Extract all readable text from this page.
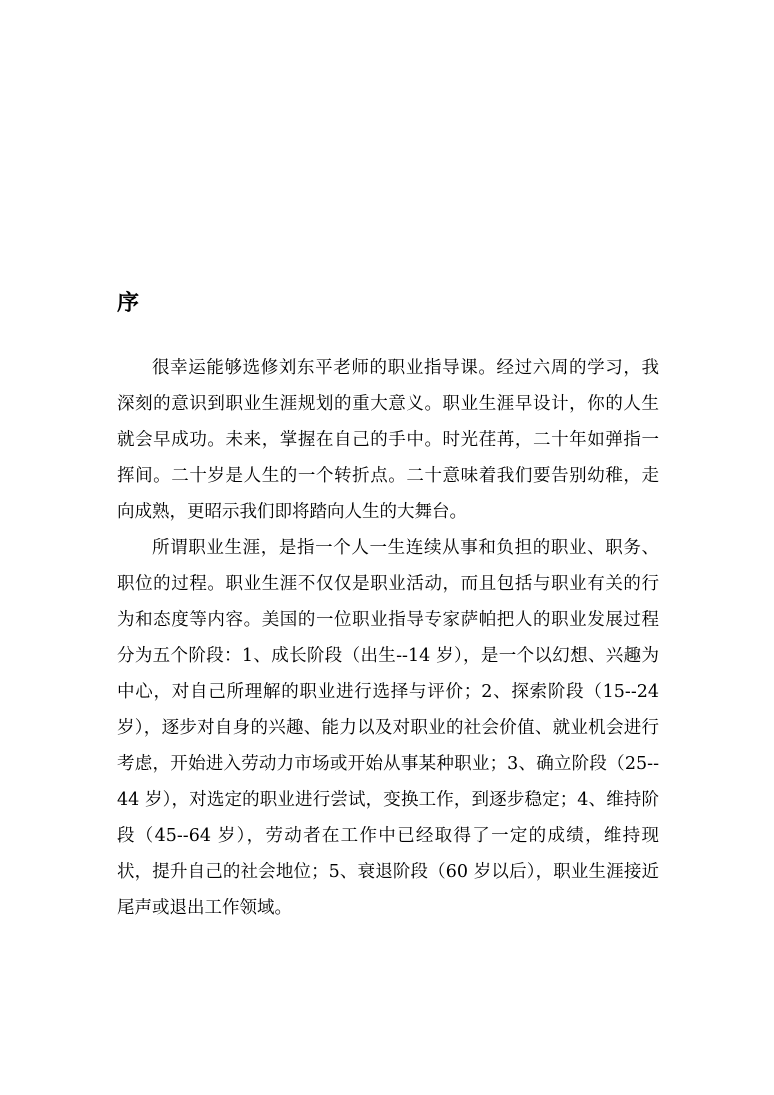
序

很幸运能够选修刘东平老师的职业指导课。经过六周的学习，我深刻的意识到职业生涯规划的重大意义。职业生涯早设计，你的人生就会早成功。未来，掌握在自己的手中。时光荏苒，二十年如弹指一挥间。二十岁是人生的一个转折点。二十意味着我们要告别幼稚，走向成熟，更昭示我们即将踏向人生的大舞台。

所谓职业生涯，是指一个人一生连续从事和负担的职业、职务、职位的过程。职业生涯不仅仅是职业活动，而且包括与职业有关的行为和态度等内容。美国的一位职业指导专家萨帕把人的职业发展过程分为五个阶段：1、成长阶段（出生--14 岁），是一个以幻想、兴趣为中心，对自己所理解的职业进行选择与评价；2、探索阶段（15--24 岁），逐步对自身的兴趣、能力以及对职业的社会价值、就业机会进行考虑，开始进入劳动力市场或开始从事某种职业；3、确立阶段（25--44 岁），对选定的职业进行尝试，变换工作，到逐步稳定；4、维持阶段（45--64 岁），劳动者在工作中已经取得了一定的成绩，维持现状，提升自己的社会地位；5、衰退阶段（60 岁以后），职业生涯接近尾声或退出工作领域。
